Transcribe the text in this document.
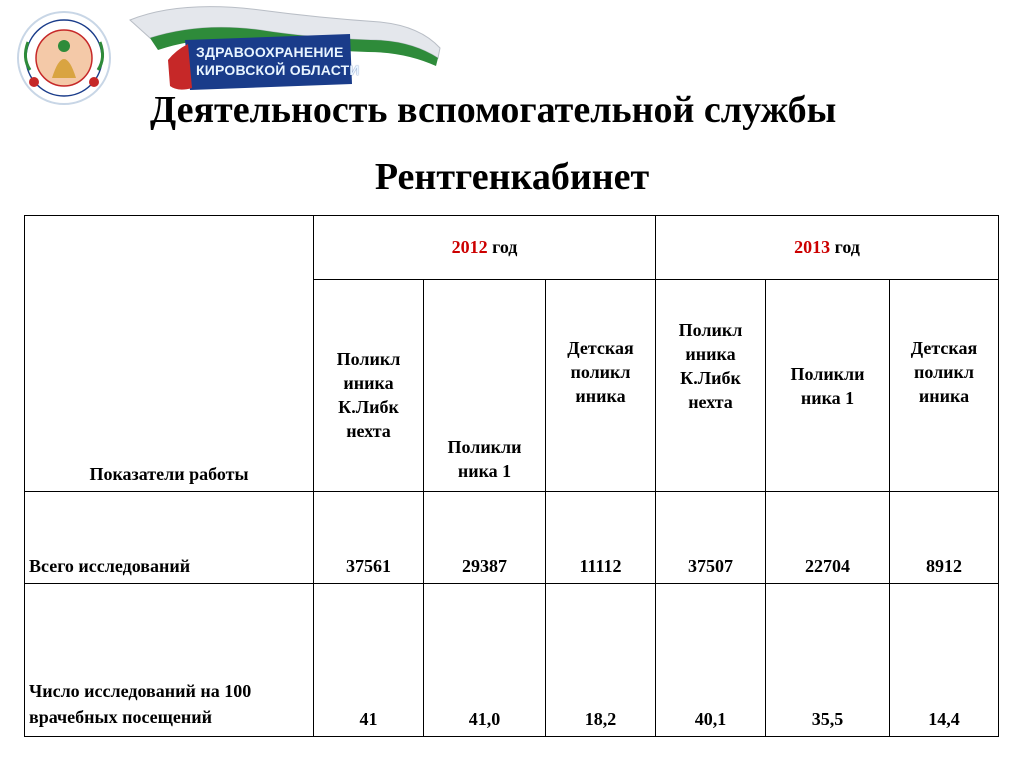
ЗДРАВООХРАНЕНИЕ
КИРОВСКОЙ ОБЛАСТИ
Деятельность вспомогательной службы
Рентгенкабинет
Показатели работы	2012 год			2013 год		
	Поликл иника К.Либк нехта	Поликли ника 1	Детская поликл иника	Поликл иника К.Либк нехта	Поликли ника 1	Детская поликл иника
Всего исследований	37561	29387	11112	37507	22704	8912
Число исследований на 100 врачебных посещений	41	41,0	18,2	40,1	35,5	14,4
